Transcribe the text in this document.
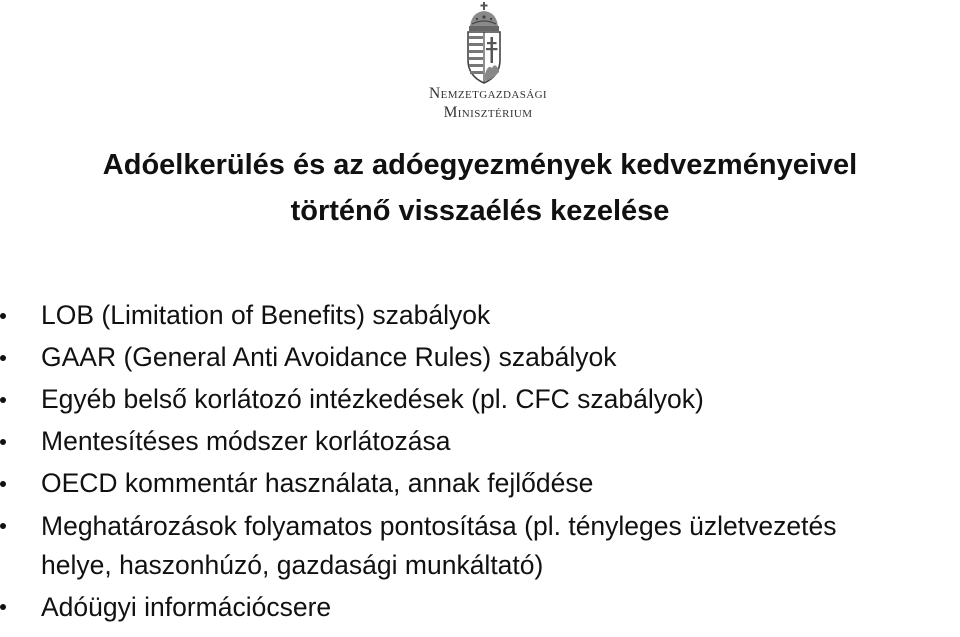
Nemzetgazdasági
Minisztérium
Adóelkerülés és az adóegyezmények kedvezményeivel
történő visszaélés kezelése
LOB (Limitation of Benefits) szabályok
GAAR (General Anti Avoidance Rules) szabályok
Egyéb belső korlátozó intézkedések (pl. CFC szabályok)
Mentesítéses módszer korlátozása
OECD kommentár használata, annak fejlődése
Meghatározások folyamatos pontosítása (pl. tényleges üzletvezetés
helye, haszonhúzó, gazdasági munkáltató)
Adóügyi információcsere
